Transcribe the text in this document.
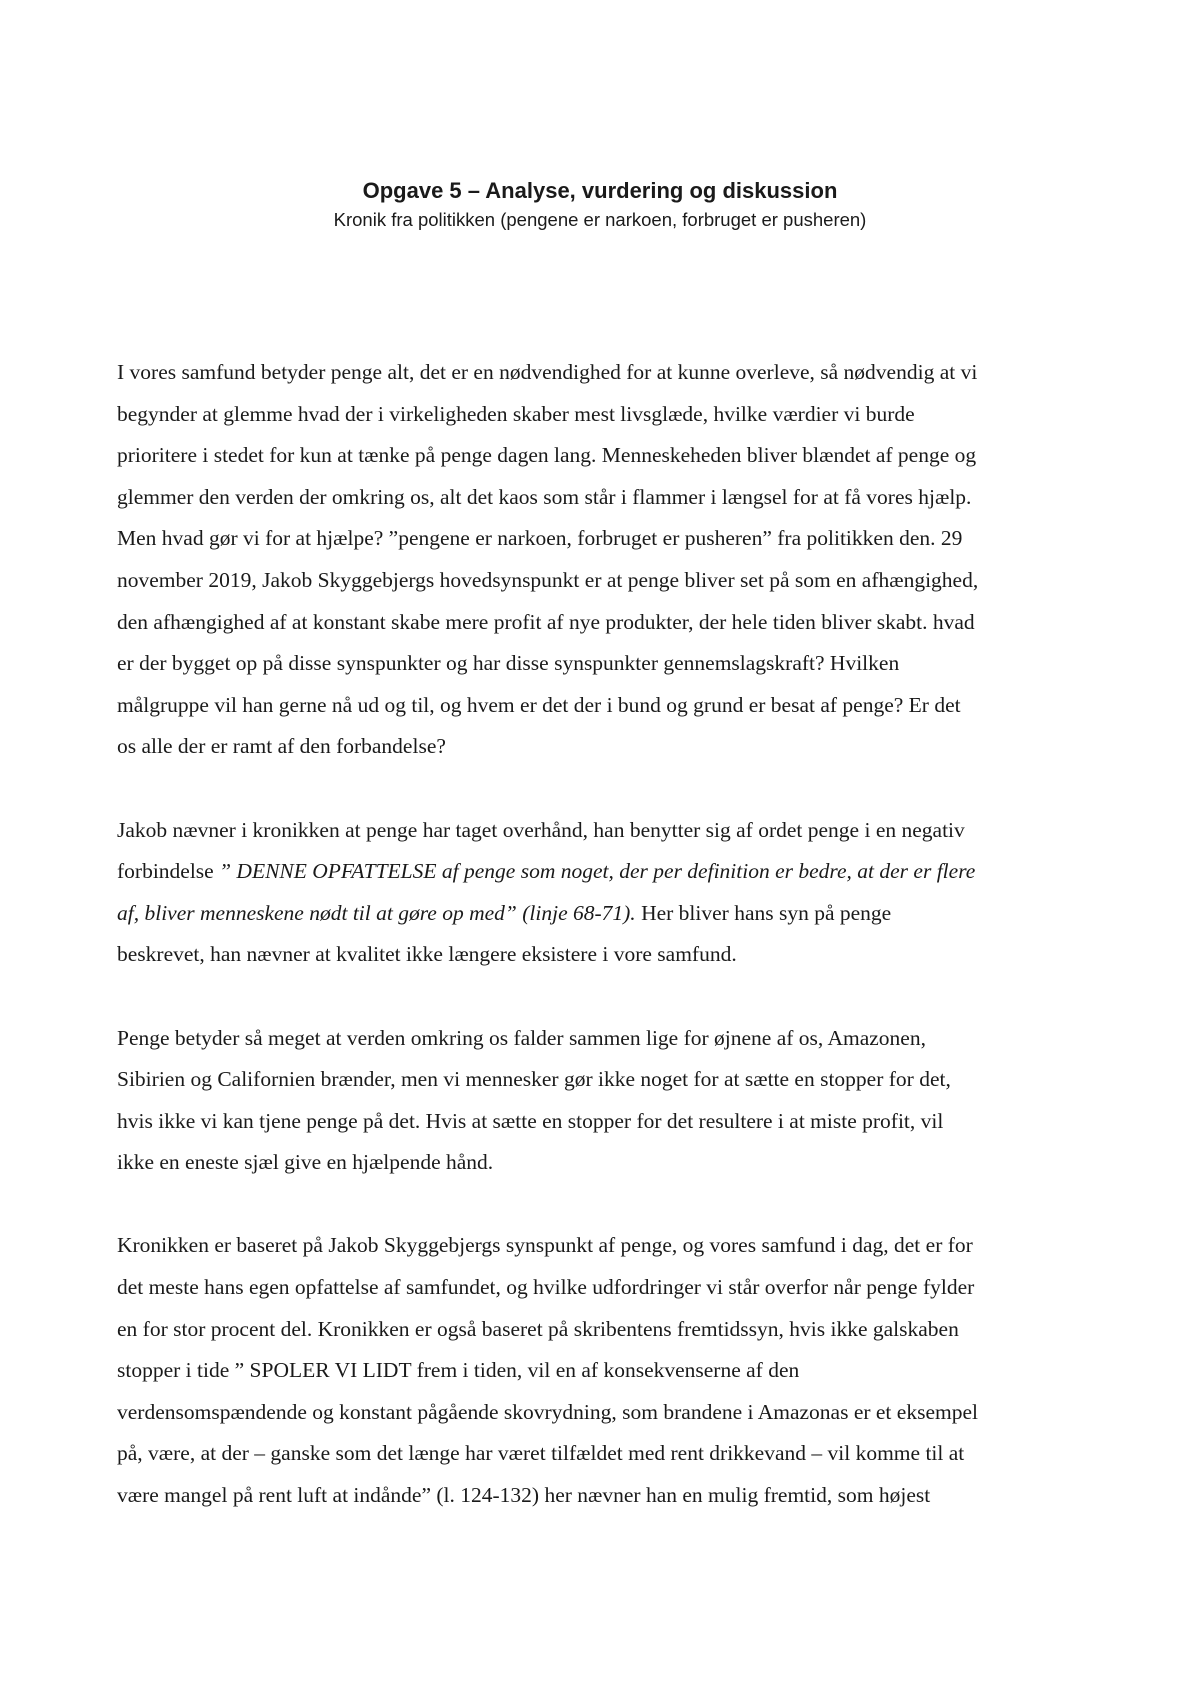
Opgave 5 – Analyse, vurdering og diskussion

Kronik fra politikken (pengene er narkoen, forbruget er pusheren)

I vores samfund betyder penge alt, det er en nødvendighed for at kunne overleve, så nødvendig at vi
begynder at glemme hvad der i virkeligheden skaber mest livsglæde, hvilke værdier vi burde
prioritere i stedet for kun at tænke på penge dagen lang. Menneskeheden bliver blændet af penge og
glemmer den verden der omkring os, alt det kaos som står i flammer i længsel for at få vores hjælp.
Men hvad gør vi for at hjælpe? ”pengene er narkoen, forbruget er pusheren” fra politikken den. 29
november 2019, Jakob Skyggebjergs hovedsynspunkt er at penge bliver set på som en afhængighed,
den afhængighed af at konstant skabe mere profit af nye produkter, der hele tiden bliver skabt. hvad
er der bygget op på disse synspunkter og har disse synspunkter gennemslagskraft? Hvilken
målgruppe vil han gerne nå ud og til, og hvem er det der i bund og grund er besat af penge? Er det
os alle der er ramt af den forbandelse?
Jakob nævner i kronikken at penge har taget overhånd, han benytter sig af ordet penge i en negativ
forbindelse ” DENNE OPFATTELSE af penge som noget, der per definition er bedre, at der er flere
af, bliver menneskene nødt til at gøre op med” (linje 68-71). Her bliver hans syn på penge
beskrevet, han nævner at kvalitet ikke længere eksistere i vore samfund.
Penge betyder så meget at verden omkring os falder sammen lige for øjnene af os, Amazonen,
Sibirien og Californien brænder, men vi mennesker gør ikke noget for at sætte en stopper for det,
hvis ikke vi kan tjene penge på det. Hvis at sætte en stopper for det resultere i at miste profit, vil
ikke en eneste sjæl give en hjælpende hånd.
Kronikken er baseret på Jakob Skyggebjergs synspunkt af penge, og vores samfund i dag, det er for
det meste hans egen opfattelse af samfundet, og hvilke udfordringer vi står overfor når penge fylder
en for stor procent del. Kronikken er også baseret på skribentens fremtidssyn, hvis ikke galskaben
stopper i tide ” SPOLER VI LIDT frem i tiden, vil en af konsekvenserne af den
verdensomspændende og konstant pågående skovrydning, som brandene i Amazonas er et eksempel
på, være, at der – ganske som det længe har været tilfældet med rent drikkevand – vil komme til at
være mangel på rent luft at indånde” (l. 124-132) her nævner han en mulig fremtid, som højest
